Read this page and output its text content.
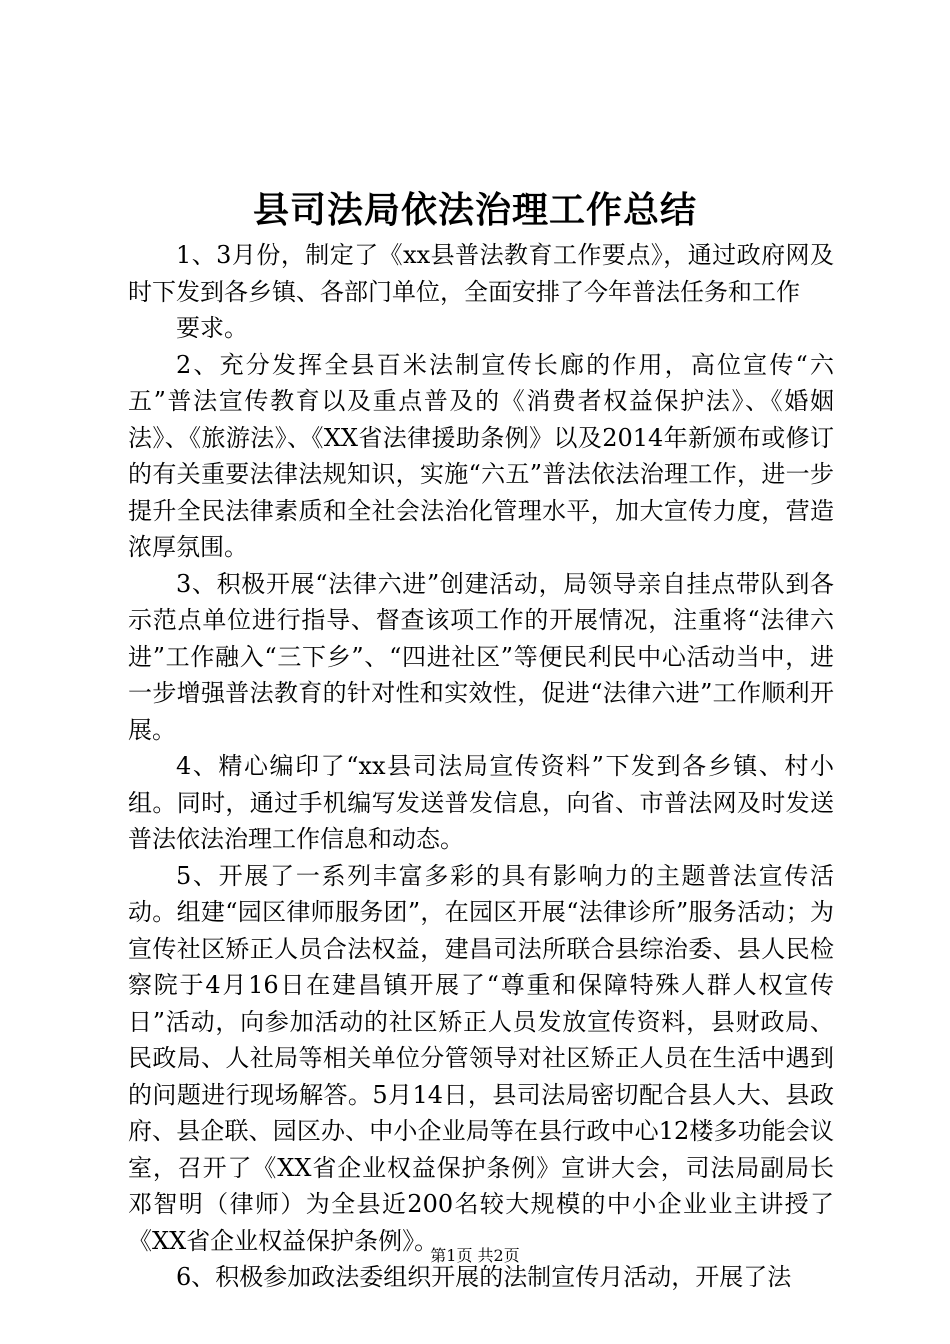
县司法局依法治理工作总结

1、3月份，制定了《xx县普法教育工作要点》，通过政府网及时下发到各乡镇、各部门单位，全面安排了今年普法任务和工作

要求。

2、充分发挥全县百米法制宣传长廊的作用，高位宣传“六五”普法宣传教育以及重点普及的《消费者权益保护法》、《婚姻法》、《旅游法》、《XX省法律援助条例》以及2014年新颁布或修订的有关重要法律法规知识，实施“六五”普法依法治理工作，进一步提升全民法律素质和全社会法治化管理水平，加大宣传力度，营造浓厚氛围。

3、积极开展“法律六进”创建活动，局领导亲自挂点带队到各示范点单位进行指导、督查该项工作的开展情况，注重将“法律六进”工作融入“三下乡”、“四进社区”等便民利民中心活动当中，进一步增强普法教育的针对性和实效性，促进“法律六进”工作顺利开展。

4、精心编印了“xx县司法局宣传资料”下发到各乡镇、村小组。同时，通过手机编写发送普发信息，向省、市普法网及时发送普法依法治理工作信息和动态。

5、开展了一系列丰富多彩的具有影响力的主题普法宣传活动。组建“园区律师服务团”，在园区开展“法律诊所”服务活动；为宣传社区矫正人员合法权益，建昌司法所联合县综治委、县人民检察院于4月16日在建昌镇开展了“尊重和保障特殊人群人权宣传日”活动，向参加活动的社区矫正人员发放宣传资料，县财政局、民政局、人社局等相关单位分管领导对社区矫正人员在生活中遇到的问题进行现场解答。5月14日，县司法局密切配合县人大、县政府、县企联、园区办、中小企业局等在县行政中心12楼多功能会议室，召开了《XX省企业权益保护条例》宣讲大会，司法局副局长邓智明（律师）为全县近200名较大规模的中小企业业主讲授了《XX省企业权益保护条例》。

6、积极参加政法委组织开展的法制宣传月活动，开展了法

第1页 共2页
